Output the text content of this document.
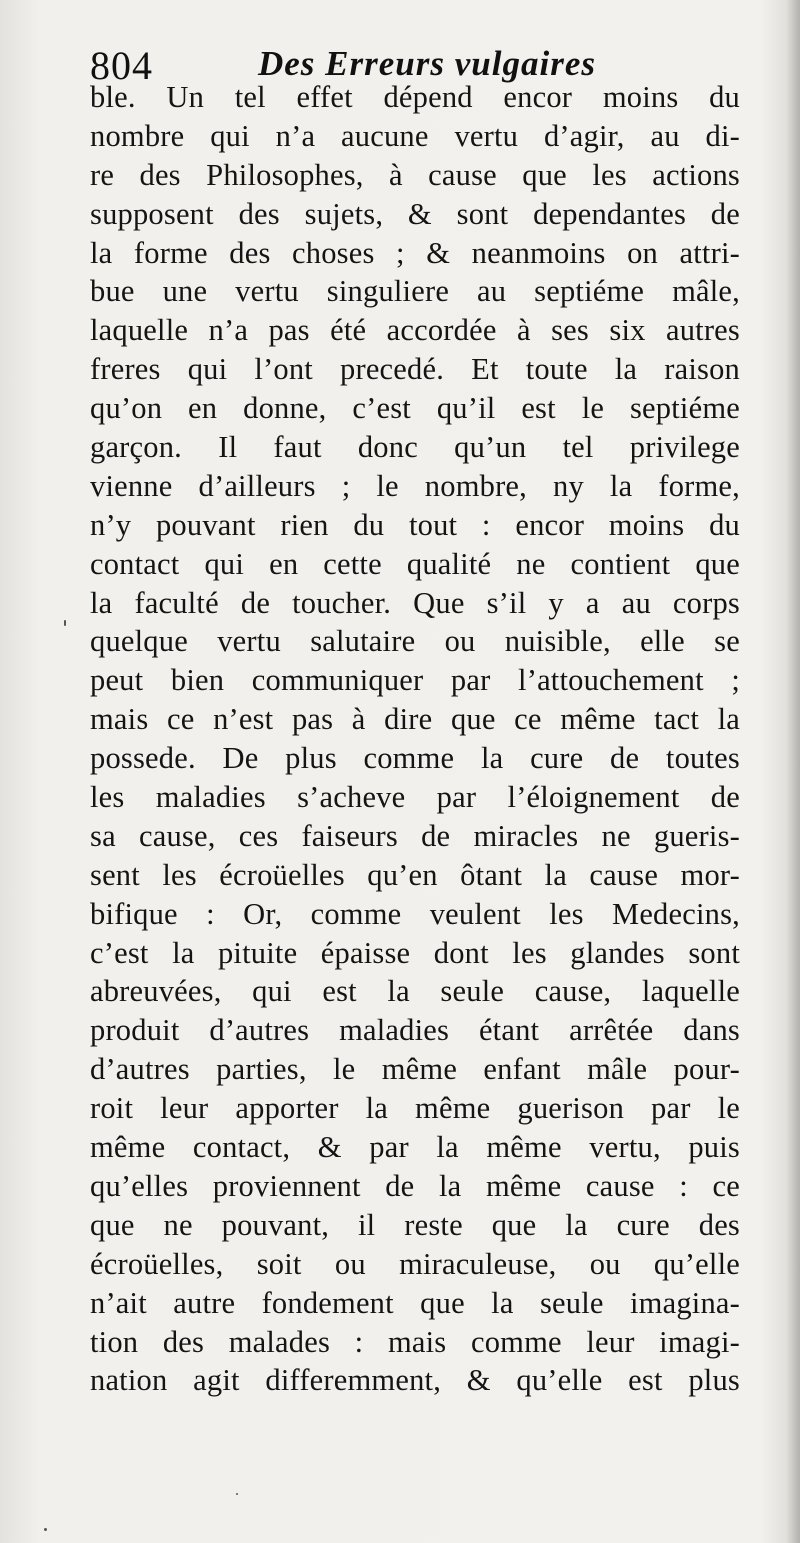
804	Des Erreurs vulgaires
ble. Un tel effet dépend encor moins du
nombre qui n’a aucune vertu d’agir, au di-
re des Philosophes, à cause que les actions
supposent des sujets, & sont dependantes de
la forme des choses ; & neanmoins on attri-
bue une vertu singuliere au septiéme mâle,
laquelle n’a pas été accordée à ses six autres
freres qui l’ont precedé. Et toute la raison
qu’on en donne, c’est qu’il est le septiéme
garçon. Il faut donc qu’un tel privilege
vienne d’ailleurs ; le nombre, ny la forme,
n’y pouvant rien du tout : encor moins du
contact qui en cette qualité ne contient que
la faculté de toucher. Que s’il y a au corps
quelque vertu salutaire ou nuisible, elle se
peut bien communiquer par l’attouchement ;
mais ce n’est pas à dire que ce même tact la
possede. De plus comme la cure de toutes
les maladies s’acheve par l’éloignement de
sa cause, ces faiseurs de miracles ne gueris-
sent les écroüelles qu’en ôtant la cause mor-
bifique : Or, comme veulent les Medecins,
c’est la pituite épaisse dont les glandes sont
abreuvées, qui est la seule cause, laquelle
produit d’autres maladies étant arrêtée dans
d’autres parties, le même enfant mâle pour-
roit leur apporter la même guerison par le
même contact, & par la même vertu, puis
qu’elles proviennent de la même cause : ce
que ne pouvant, il reste que la cure des
écroüelles, soit ou miraculeuse, ou qu’elle
n’ait autre fondement que la seule imagina-
tion des malades : mais comme leur imagi-
nation agit differemment, & qu’elle est plus
